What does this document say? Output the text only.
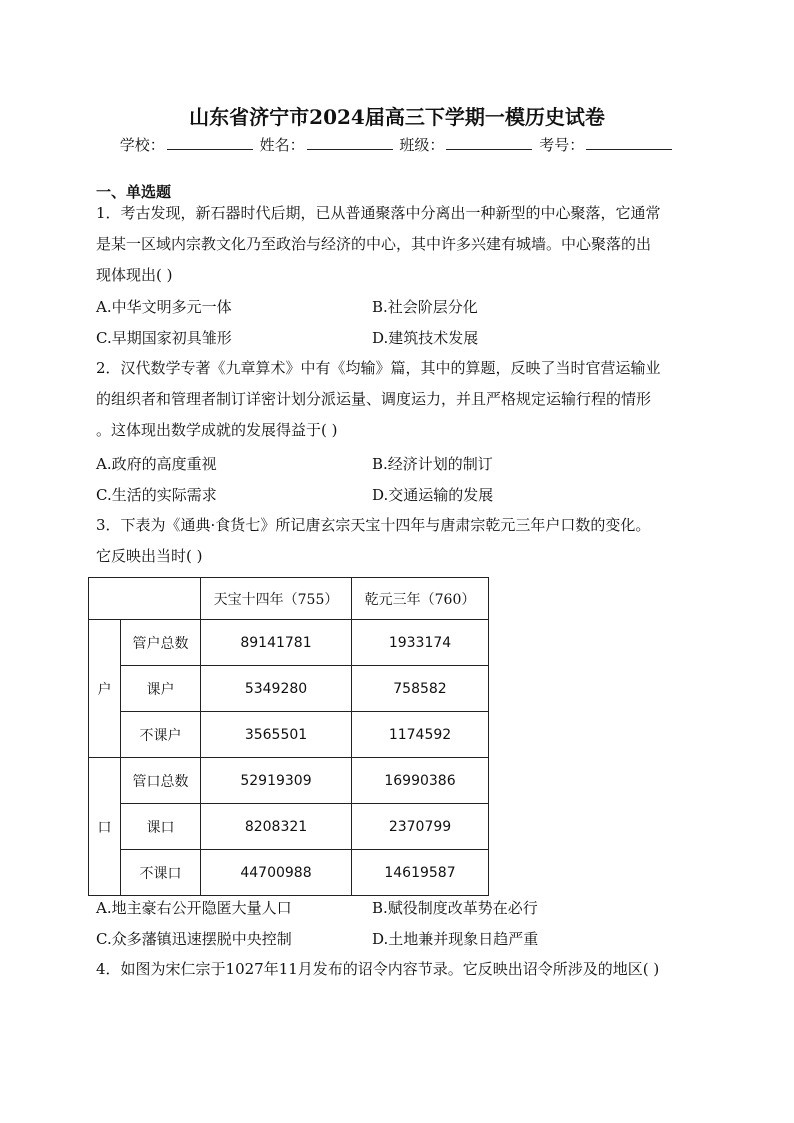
山东省济宁市2024届高三下学期一模历史试卷
学校：	姓名：	班级：	考号：
一、单选题
1．考古发现，新石器时代后期，已从普通聚落中分离出一种新型的中心聚落，它通常
是某一区域内宗教文化乃至政治与经济的中心，其中许多兴建有城墙。中心聚落的出
现体现出( )
A.中华文明多元一体	B.社会阶层分化
C.早期国家初具雏形	D.建筑技术发展
2．汉代数学专著《九章算术》中有《均输》篇，其中的算题，反映了当时官营运输业
的组织者和管理者制订详密计划分派运量、调度运力，并且严格规定运输行程的情形
。这体现出数学成就的发展得益于( )
A.政府的高度重视	B.经济计划的制订
C.生活的实际需求	D.交通运输的发展
3．下表为《通典·食货七》所记唐玄宗天宝十四年与唐肃宗乾元三年户口数的变化。
它反映出当时( )
		天宝十四年（755）	乾元三年（760）
户	管户总数	89141781	1933174
	课户	5349280	758582
	不课户	3565501	1174592
口	管口总数	52919309	16990386
	课口	8208321	2370799
	不课口	44700988	14619587
A.地主豪右公开隐匿大量人口	B.赋役制度改革势在必行
C.众多藩镇迅速摆脱中央控制	D.土地兼并现象日趋严重
4．如图为宋仁宗于1027年11月发布的诏令内容节录。它反映出诏令所涉及的地区( )
